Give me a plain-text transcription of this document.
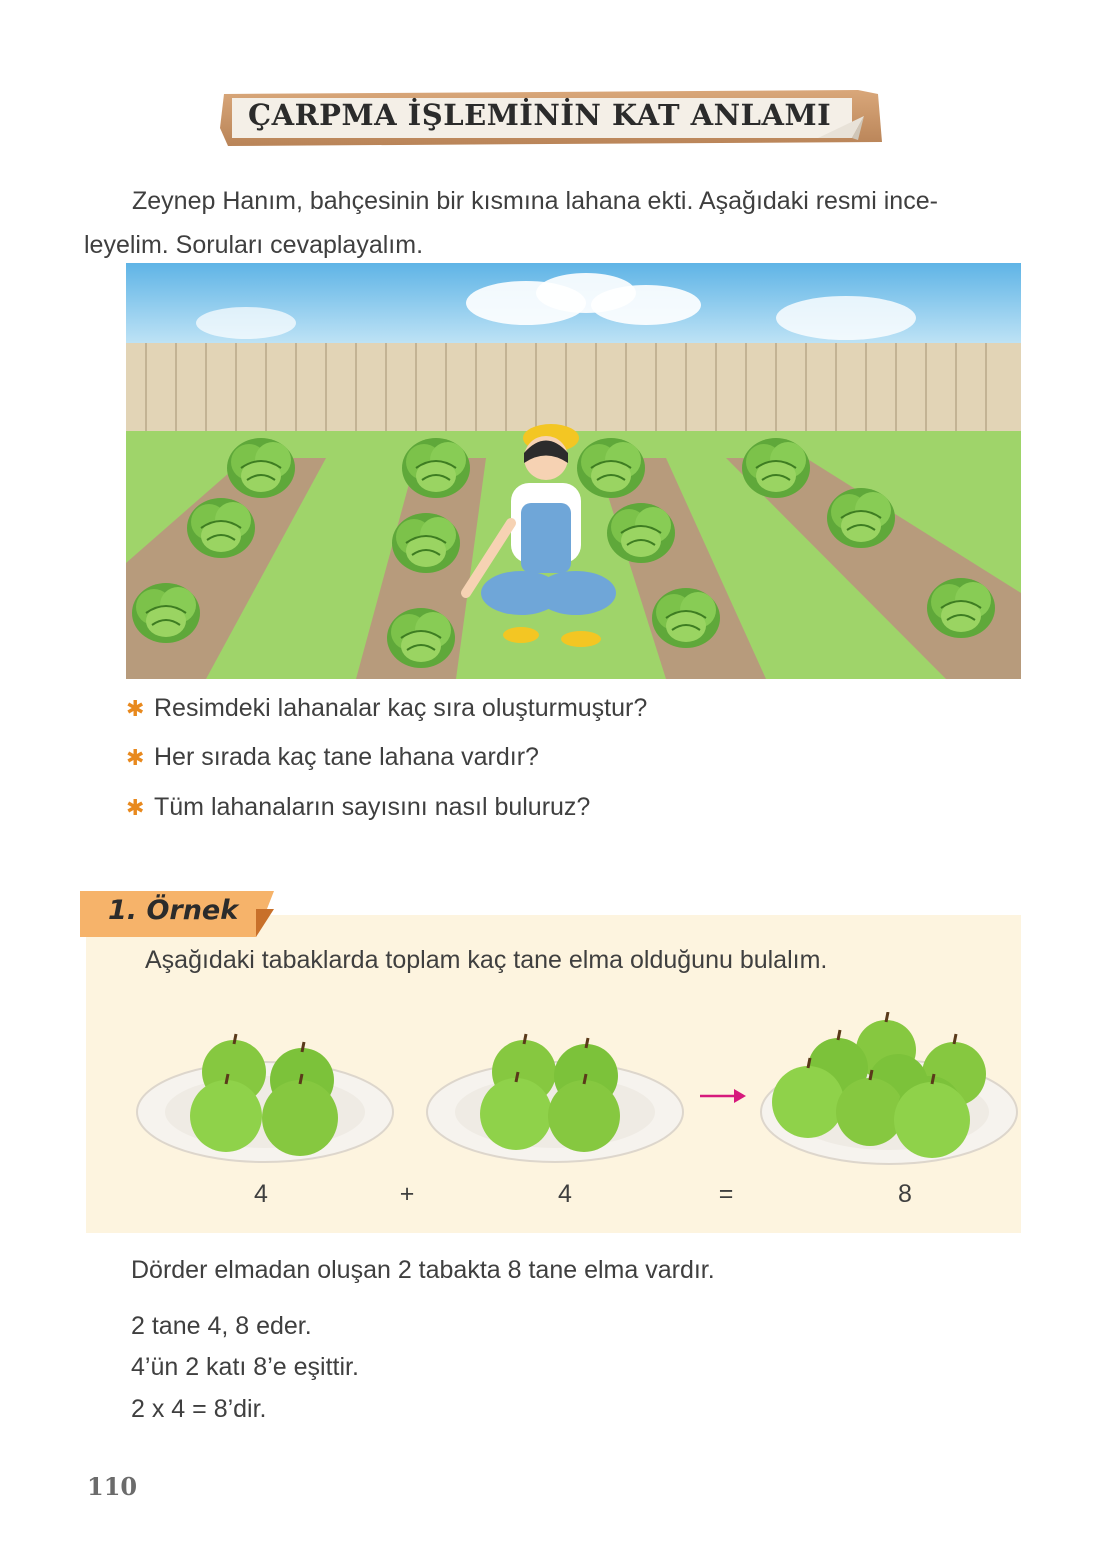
ÇARPMA İŞLEMİNİN KAT ANLAMI
Zeynep Hanım, bahçesinin bir kısmına lahana ekti. Aşağıdaki resmi ince-
leyelim. Soruları cevaplayalım.
✱ Resimdeki lahanalar kaç sıra oluşturmuştur?
✱ Her sırada kaç tane lahana vardır?
✱ Tüm lahanaların sayısını nasıl buluruz?
1. Örnek
Aşağıdaki tabaklarda toplam kaç tane elma olduğunu bulalım.
4	+	4	=	8
Dörder elmadan oluşan 2 tabakta 8 tane elma vardır.
2 tane 4, 8 eder.
4’ün 2 katı 8’e eşittir.
2 x 4 = 8’dir.
110
